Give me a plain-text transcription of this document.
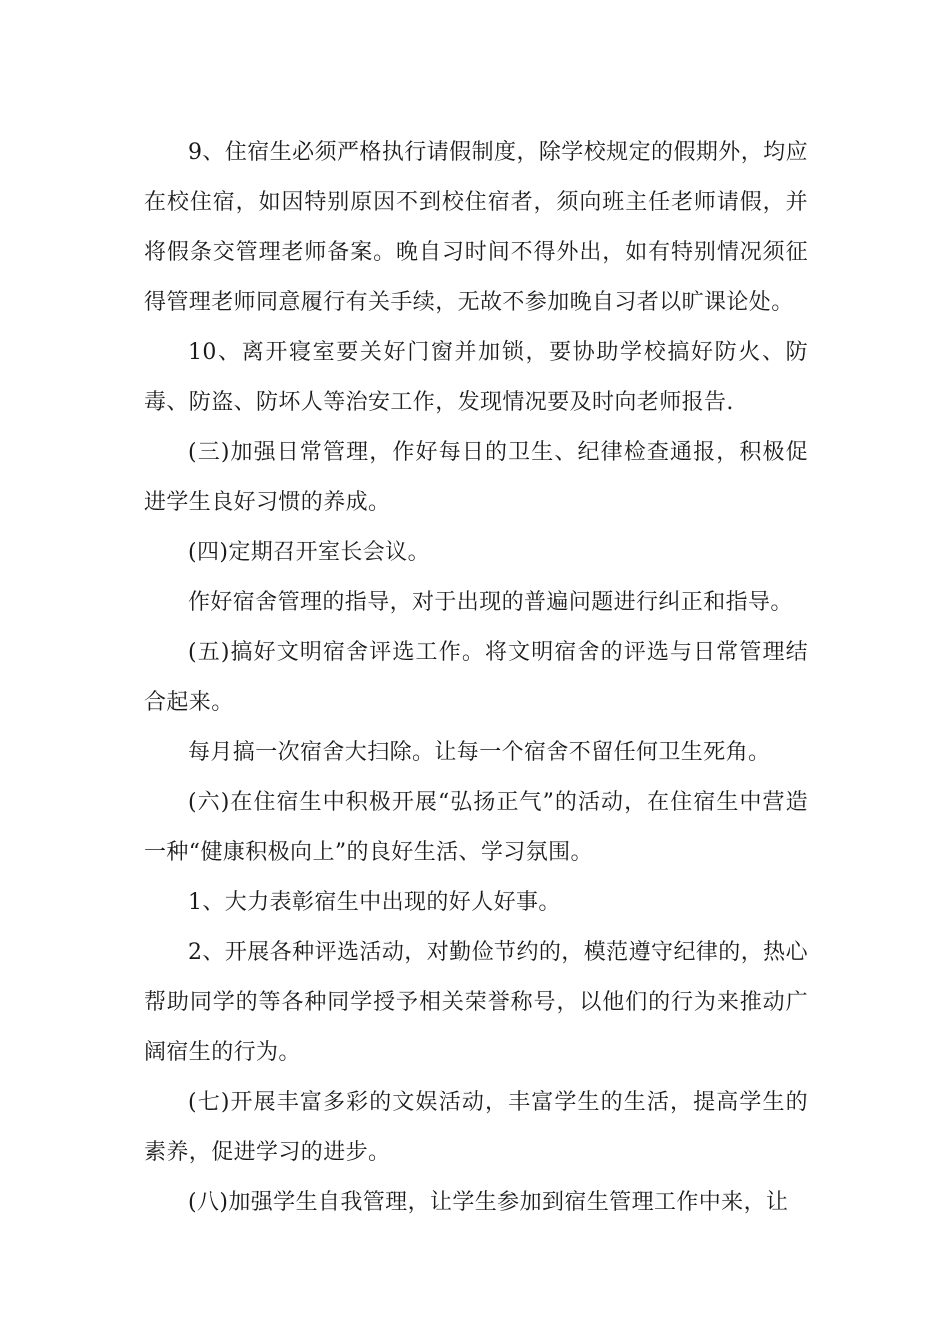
9、住宿生必须严格执行请假制度，除学校规定的假期外，均应在校住宿，如因特别原因不到校住宿者，须向班主任老师请假，并将假条交管理老师备案。晚自习时间不得外出，如有特别情况须征得管理老师同意履行有关手续，无故不参加晚自习者以旷课论处。

10、离开寝室要关好门窗并加锁，要协助学校搞好防火、防毒、防盗、防坏人等治安工作，发现情况要及时向老师报告.

(三)加强日常管理，作好每日的卫生、纪律检查通报，积极促进学生良好习惯的养成。

(四)定期召开室长会议。

作好宿舍管理的指导，对于出现的普遍问题进行纠正和指导。

(五)搞好文明宿舍评选工作。将文明宿舍的评选与日常管理结合起来。

每月搞一次宿舍大扫除。让每一个宿舍不留任何卫生死角。

(六)在住宿生中积极开展“弘扬正气”的活动，在住宿生中营造一种“健康积极向上”的良好生活、学习氛围。

1、大力表彰宿生中出现的好人好事。

2、开展各种评选活动，对勤俭节约的，模范遵守纪律的，热心帮助同学的等各种同学授予相关荣誉称号，以他们的行为来推动广阔宿生的行为。

(七)开展丰富多彩的文娱活动，丰富学生的生活，提高学生的素养，促进学习的进步。

(八)加强学生自我管理，让学生参加到宿生管理工作中来，让
